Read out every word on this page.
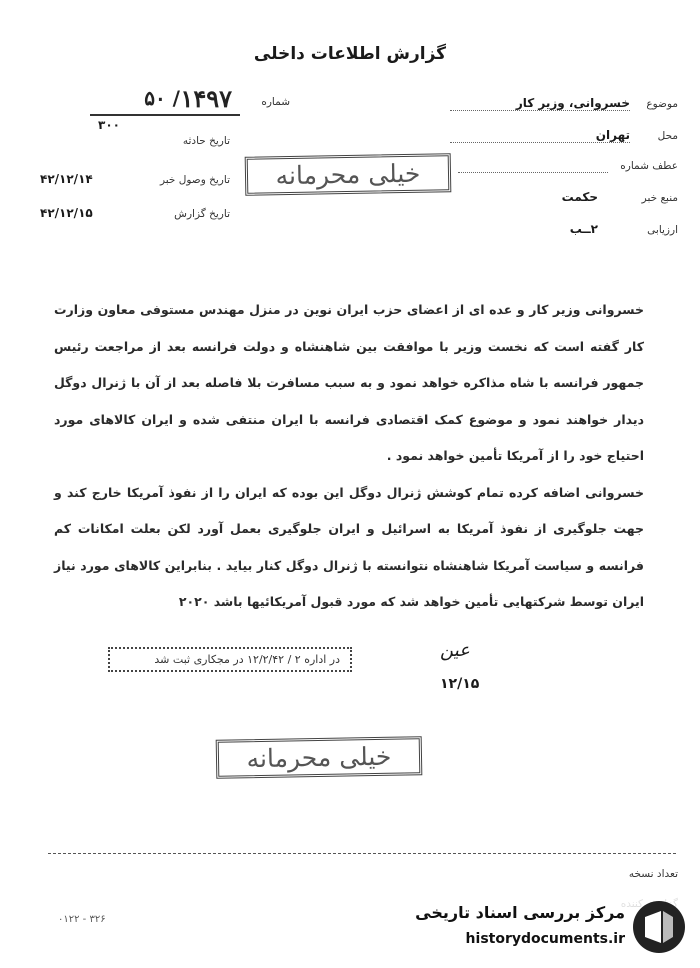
گزارش اطلاعات داخلی
شماره
۱۴۹۷
/ ۵۰
۳۰۰
تاریخ حادثه
تاریخ وصول خبر
۴۲/۱۲/۱۴
تاریخ گزارش
۴۲/۱۲/۱۵
خیلی محرمانه
موضوع
خسروانی، وزیر کار
محل
تهران
عطف شماره
منبع خبر
حکمت
ارزیابی
۲ــب

خسروانی وزیر کار و عده ای از اعضای حزب ایران نوین در منزل مهندس مستوفی معاون وزارت کار گفته است که نخست وزیر با موافقت بین شاهنشاه و دولت فرانسه بعد از مراجعت رئیس جمهور فرانسه با شاه مذاکره خواهد نمود و به سبب مسافرت بلا فاصله بعد از آن با ژنرال دوگل دیدار خواهند نمود و موضوع کمک اقتصادی فرانسه با ایران منتفی شده و ایران کالاهای مورد احتیاج خود را از آمریکا تأمین خواهد نمود .

خسروانی اضافه کرده تمام کوشش ژنرال دوگل این بوده که ایران را از نفوذ آمریکا خارج کند و جهت جلوگیری از نفوذ آمریکا به اسرائیل و ایران جلوگیری بعمل آورد لکن بعلت امکانات کم فرانسه و سیاست آمریکا شاهنشاه نتوانسته با ژنرال دوگل کنار بیاید . بنابراین کالاهای مورد نیاز ایران توسط شرکتهایی تأمین خواهد شد که مورد قبول آمریکائیها باشد ۲۰۲۰

عین
۱۲/۱۵
در اداره ۲ / ۱۲/۲/۴۲ در مجکاری ثبت شد
خیلی محرمانه
تعداد نسخه
۰۱۲۲ - ۳۲۶	مرکز بررسی اسناد تاریخی
historydocuments.ir
